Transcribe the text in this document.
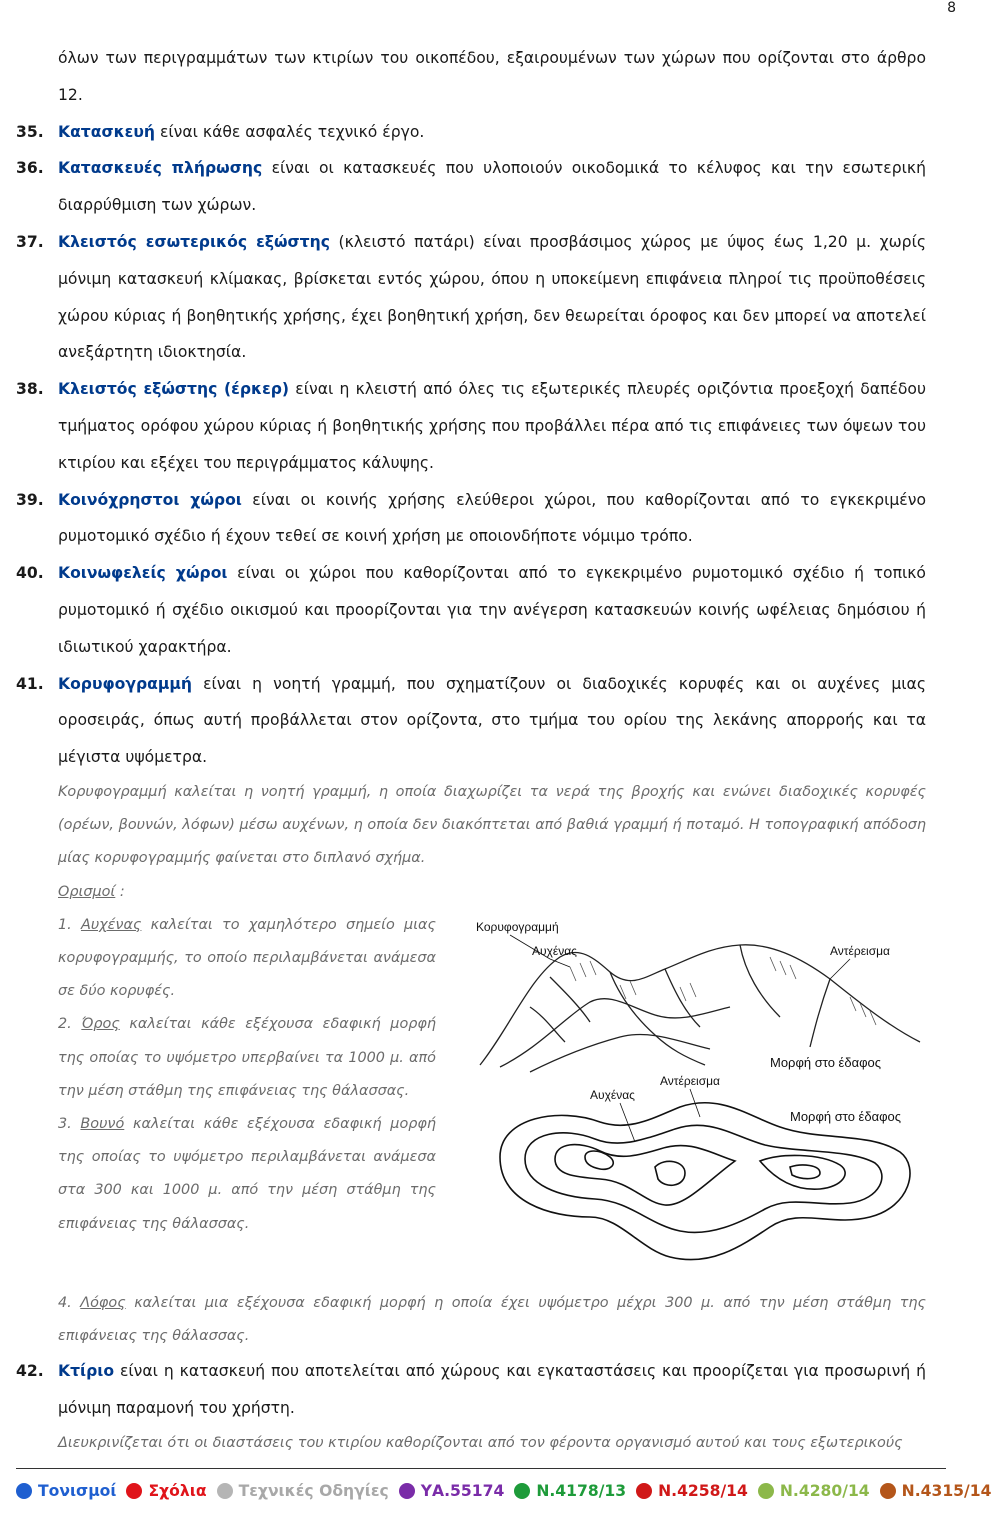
8
όλων των περιγραμμάτων των κτιρίων του οικοπέδου, εξαιρουμένων των χώρων που ορίζονται στο άρθρο 12.
35. Κατασκευή είναι κάθε ασφαλές τεχνικό έργο.
36. Κατασκευές πλήρωσης είναι οι κατασκευές που υλοποιούν οικοδομικά το κέλυφος και την εσωτερική διαρρύθμιση των χώρων.
37. Κλειστός εσωτερικός εξώστης (κλειστό πατάρι) είναι προσβάσιμος χώρος με ύψος έως 1,20 μ. χωρίς μόνιμη κατασκευή κλίμακας, βρίσκεται εντός χώρου, όπου η υποκείμενη επιφάνεια πληροί τις προϋποθέσεις χώρου κύριας ή βοηθητικής χρήσης, έχει βοηθητική χρήση, δεν θεωρείται όροφος και δεν μπορεί να αποτελεί ανεξάρτητη ιδιοκτησία.
38. Κλειστός εξώστης (έρκερ) είναι η κλειστή από όλες τις εξωτερικές πλευρές οριζόντια προεξοχή δαπέδου τμήματος ορόφου χώρου κύριας ή βοηθητικής χρήσης που προβάλλει πέρα από τις επιφάνειες των όψεων του κτιρίου και εξέχει του περιγράμματος κάλυψης.
39. Κοινόχρηστοι χώροι είναι οι κοινής χρήσης ελεύθεροι χώροι, που καθορίζονται από το εγκεκριμένο ρυμοτομικό σχέδιο ή έχουν τεθεί σε κοινή χρήση με οποιονδήποτε νόμιμο τρόπο.
40. Κοινωφελείς χώροι είναι οι χώροι που καθορίζονται από το εγκεκριμένο ρυμοτομικό σχέδιο ή τοπικό ρυμοτομικό ή σχέδιο οικισμού και προορίζονται για την ανέγερση κατασκευών κοινής ωφέλειας δημόσιου ή ιδιωτικού χαρακτήρα.
41. Κορυφογραμμή είναι η νοητή γραμμή, που σχηματίζουν οι διαδοχικές κορυφές και οι αυχένες μιας οροσειράς, όπως αυτή προβάλλεται στον ορίζοντα, στο τμήμα του ορίου της λεκάνης απορροής και τα μέγιστα υψόμετρα.

Κορυφογραμμή καλείται η νοητή γραμμή, η οποία διαχωρίζει τα νερά της βροχής και ενώνει διαδοχικές κορυφές (ορέων, βουνών, λόφων) μέσω αυχένων, η οποία δεν διακόπτεται από βαθιά γραμμή ή ποταμό. Η τοπογραφική απόδοση μίας κορυφογραμμής φαίνεται στο διπλανό σχήμα.

Ορισμοί :

1. Αυχένας καλείται το χαμηλότερο σημείο μιας κορυφογραμμής, το οποίο περιλαμβάνεται ανάμεσα σε δύο κορυφές.

2. Όρος καλείται κάθε εξέχουσα εδαφική μορφή της οποίας το υψόμετρο υπερβαίνει τα 1000 μ. από την μέση στάθμη της επιφάνειας της θάλασσας.

3. Βουνό καλείται κάθε εξέχουσα εδαφική μορφή της οποίας το υψόμετρο περιλαμβάνεται ανάμεσα στα 300 και 1000 μ. από την μέση στάθμη της επιφάνειας της θάλασσας.

Κορυφογραμμή
Αυχένας	Αντέρεισμα
Μορφή στο έδαφος
Αυχένας
Αντέρεισμα
Μορφή στο έδαφος

4. Λόφος καλείται μια εξέχουσα εδαφική μορφή η οποία έχει υψόμετρο μέχρι 300 μ. από την μέση στάθμη της επιφάνειας της θάλασσας.

42. Κτίριο είναι η κατασκευή που αποτελείται από χώρους και εγκαταστάσεις και προορίζεται για προσωρινή ή μόνιμη παραμονή του χρήστη.

Διευκρινίζεται ότι οι διαστάσεις του κτιρίου καθορίζονται από τον φέροντα οργανισμό αυτού και τους εξωτερικούς

Τονισμοί Σχόλια Τεχνικές Οδηγίες ΥΑ.55174 Ν.4178/13 Ν.4258/14 Ν.4280/14 Ν.4315/14
